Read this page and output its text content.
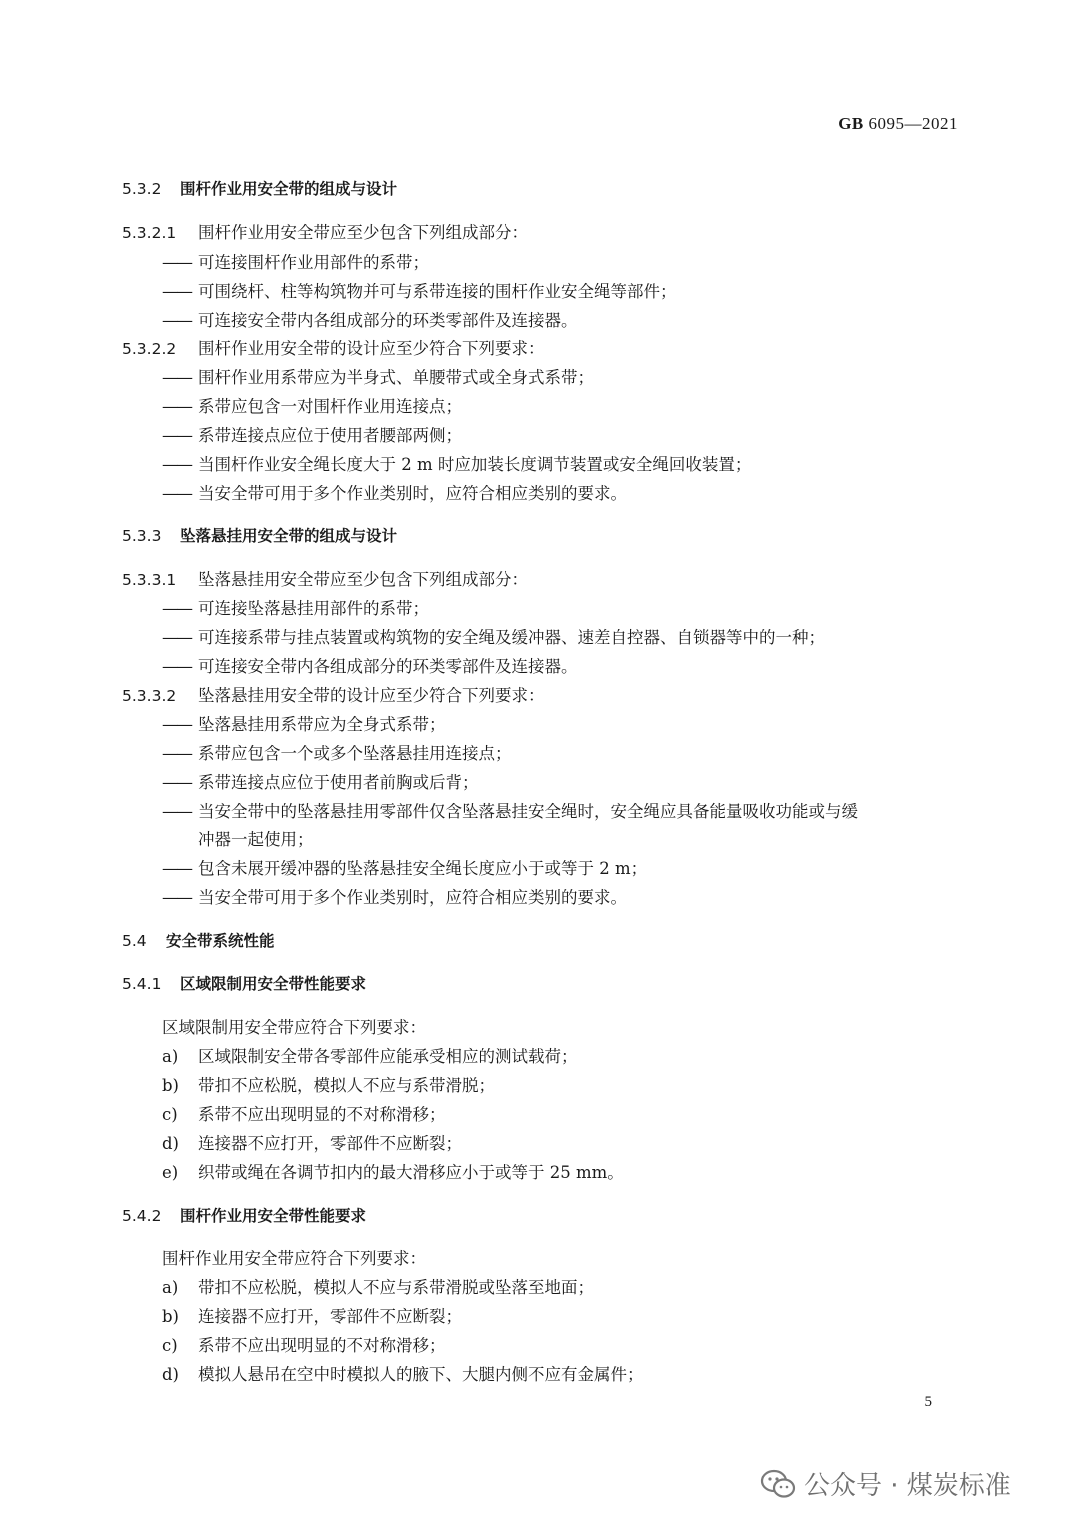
GB 6095—2021
5.3.2 围杆作业用安全带的组成与设计
5.3.2.1 围杆作业用安全带应至少包含下列组成部分：
—— 可连接围杆作业用部件的系带；
—— 可围绕杆、柱等构筑物并可与系带连接的围杆作业安全绳等部件；
—— 可连接安全带内各组成部分的环类零部件及连接器。
5.3.2.2 围杆作业用安全带的设计应至少符合下列要求：
—— 围杆作业用系带应为半身式、单腰带式或全身式系带；
—— 系带应包含一对围杆作业用连接点；
—— 系带连接点应位于使用者腰部两侧；
—— 当围杆作业安全绳长度大于 2 m 时应加装长度调节装置或安全绳回收装置；
—— 当安全带可用于多个作业类别时，应符合相应类别的要求。
5.3.3 坠落悬挂用安全带的组成与设计
5.3.3.1 坠落悬挂用安全带应至少包含下列组成部分：
—— 可连接坠落悬挂用部件的系带；
—— 可连接系带与挂点装置或构筑物的安全绳及缓冲器、速差自控器、自锁器等中的一种；
—— 可连接安全带内各组成部分的环类零部件及连接器。
5.3.3.2 坠落悬挂用安全带的设计应至少符合下列要求：
—— 坠落悬挂用系带应为全身式系带；
—— 系带应包含一个或多个坠落悬挂用连接点；
—— 系带连接点应位于使用者前胸或后背；
—— 当安全带中的坠落悬挂用零部件仅含坠落悬挂安全绳时，安全绳应具备能量吸收功能或与缓
冲器一起使用；
—— 包含未展开缓冲器的坠落悬挂安全绳长度应小于或等于 2 m；
—— 当安全带可用于多个作业类别时，应符合相应类别的要求。
5.4 安全带系统性能
5.4.1 区域限制用安全带性能要求
区域限制用安全带应符合下列要求：
a) 区域限制安全带各零部件应能承受相应的测试载荷；
b) 带扣不应松脱，模拟人不应与系带滑脱；
c) 系带不应出现明显的不对称滑移；
d) 连接器不应打开，零部件不应断裂；
e) 织带或绳在各调节扣内的最大滑移应小于或等于 25 mm。
5.4.2 围杆作业用安全带性能要求
围杆作业用安全带应符合下列要求：
a) 带扣不应松脱，模拟人不应与系带滑脱或坠落至地面；
b) 连接器不应打开，零部件不应断裂；
c) 系带不应出现明显的不对称滑移；
d) 模拟人悬吊在空中时模拟人的腋下、大腿内侧不应有金属件；
5
公众号 · 煤炭标准
